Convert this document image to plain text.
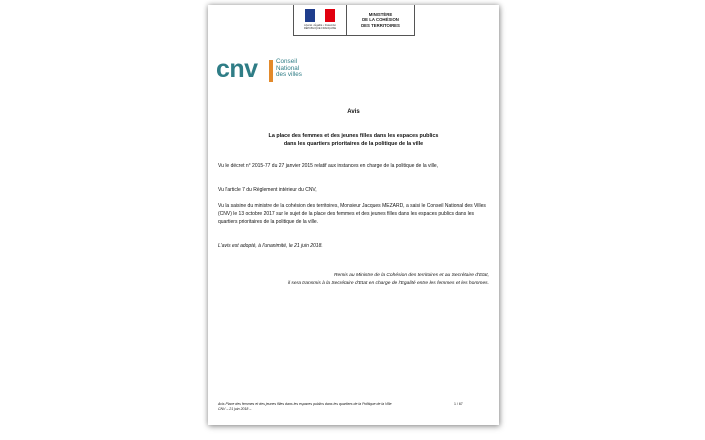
Liberté • Égalité • Fraternité
RÉPUBLIQUE FRANÇAISE
MINISTÈRE
DE LA COHÉSION
DES TERRITOIRES
cnv	Conseil
National
des villes
Avis
La place des femmes et des jeunes filles dans les espaces publics
dans les quartiers prioritaires de la politique de la ville
Vu le décret n° 2015-77 du 27 janvier 2015 relatif aux instances en charge de la politique de la ville,
Vu l'article 7 du Règlement intérieur du CNV,
Vu la saisine du ministre de la cohésion des territoires, Monsieur Jacques MEZARD, a saisi le Conseil National des Villes (CNV) le 13 octobre 2017 sur le sujet de la place des femmes et des jeunes filles dans les espaces publics dans les quartiers prioritaires de la politique de la ville.
L'avis est adopté, à l'unanimité, le 21 juin 2018.
Remis au Ministre de la Cohésion des territoires et au Secrétaire d'Etat,
il sera transmis à la Secrétaire d'Etat en charge de l'Egalité entre les femmes et les hommes.
Avis Place des femmes et des jeunes filles dans les espaces publics dans les quartiers de la Politique de la Ville
CNV – 21 juin 2018 –
1 / 67
